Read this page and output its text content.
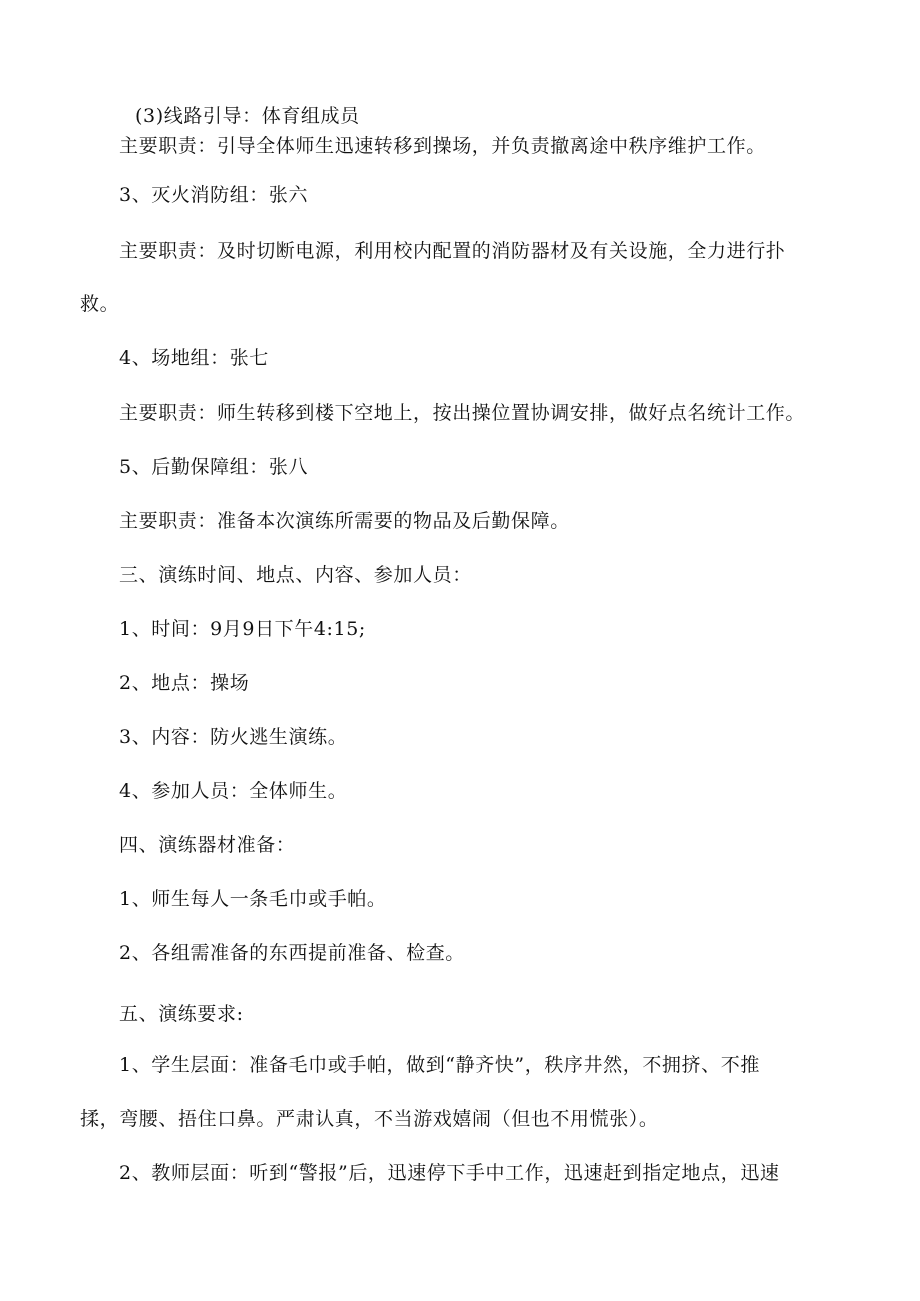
(3)线路引导：体育组成员
主要职责：引导全体师生迅速转移到操场，并负责撤离途中秩序维护工作。
3、灭火消防组：张六
主要职责：及时切断电源，利用校内配置的消防器材及有关设施，全力进行扑
救。
4、场地组：张七
主要职责：师生转移到楼下空地上，按出操位置协调安排，做好点名统计工作。
5、后勤保障组：张八
主要职责：准备本次演练所需要的物品及后勤保障。
三、演练时间、地点、内容、参加人员：
1、时间：9月9日下午4:15;
2、地点：操场
3、内容：防火逃生演练。
4、参加人员：全体师生。
四、演练器材准备：
1、师生每人一条毛巾或手帕。
2、各组需准备的东西提前准备、检查。
五、演练要求:
1、学生层面：准备毛巾或手帕，做到“静齐快”，秩序井然，不拥挤、不推
揉，弯腰、捂住口鼻。严肃认真，不当游戏嬉闹（但也不用慌张）。
2、教师层面：听到“警报”后，迅速停下手中工作，迅速赶到指定地点，迅速
